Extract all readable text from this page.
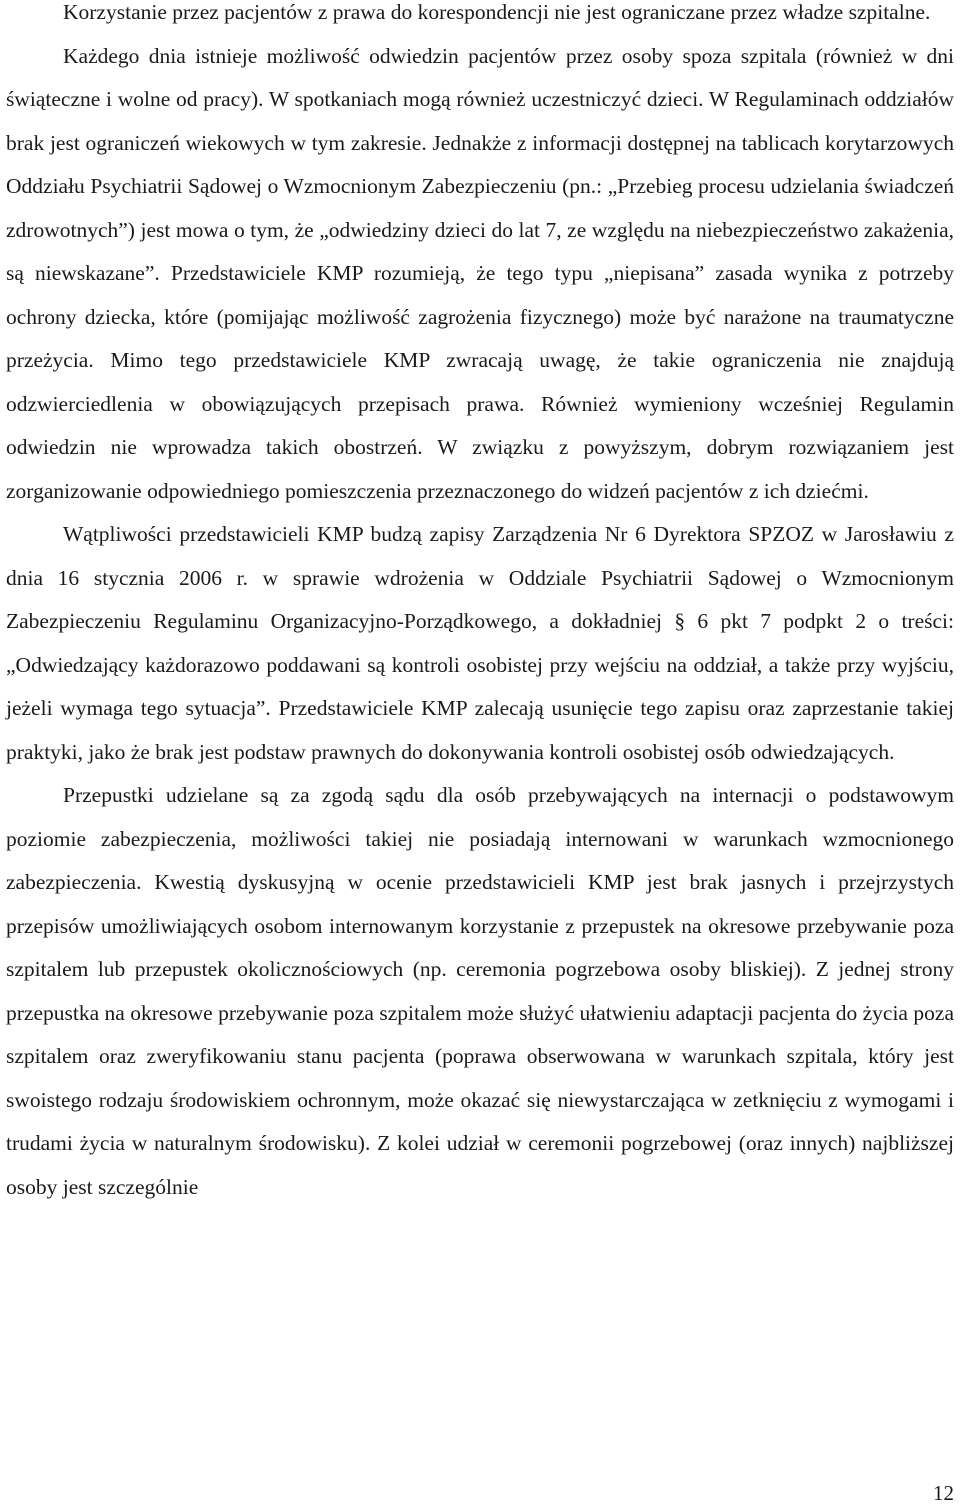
Korzystanie przez pacjentów z prawa do korespondencji nie jest ograniczane przez władze szpitalne.

Każdego dnia istnieje możliwość odwiedzin pacjentów przez osoby spoza szpitala (również w dni świąteczne i wolne od pracy). W spotkaniach mogą również uczestniczyć dzieci. W Regulaminach oddziałów brak jest ograniczeń wiekowych w tym zakresie. Jednakże z informacji dostępnej na tablicach korytarzowych Oddziału Psychiatrii Sądowej o Wzmocnionym Zabezpieczeniu (pn.: „Przebieg procesu udzielania świadczeń zdrowotnych”) jest mowa o tym, że „odwiedziny dzieci do lat 7, ze względu na niebezpieczeństwo zakażenia, są niewskazane”. Przedstawiciele KMP rozumieją, że tego typu „niepisana” zasada wynika z potrzeby ochrony dziecka, które (pomijając możliwość zagrożenia fizycznego) może być narażone na traumatyczne przeżycia. Mimo tego przedstawiciele KMP zwracają uwagę, że takie ograniczenia nie znajdują odzwierciedlenia w obowiązujących przepisach prawa. Również wymieniony wcześniej Regulamin odwiedzin nie wprowadza takich obostrzeń. W związku z powyższym, dobrym rozwiązaniem jest zorganizowanie odpowiedniego pomieszczenia przeznaczonego do widzeń pacjentów z ich dziećmi.

Wątpliwości przedstawicieli KMP budzą zapisy Zarządzenia Nr 6 Dyrektora SPZOZ w Jarosławiu z dnia 16 stycznia 2006 r. w sprawie wdrożenia w Oddziale Psychiatrii Sądowej o Wzmocnionym Zabezpieczeniu Regulaminu Organizacyjno-Porządkowego, a dokładniej § 6 pkt 7 podpkt 2 o treści: „Odwiedzający każdorazowo poddawani są kontroli osobistej przy wejściu na oddział, a także przy wyjściu, jeżeli wymaga tego sytuacja”. Przedstawiciele KMP zalecają usunięcie tego zapisu oraz zaprzestanie takiej praktyki, jako że brak jest podstaw prawnych do dokonywania kontroli osobistej osób odwiedzających.

Przepustki udzielane są za zgodą sądu dla osób przebywających na internacji o podstawowym poziomie zabezpieczenia, możliwości takiej nie posiadają internowani w warunkach wzmocnionego zabezpieczenia. Kwestią dyskusyjną w ocenie przedstawicieli KMP jest brak jasnych i przejrzystych przepisów umożliwiających osobom internowanym korzystanie z przepustek na okresowe przebywanie poza szpitalem lub przepustek okolicznościowych (np. ceremonia pogrzebowa osoby bliskiej). Z jednej strony przepustka na okresowe przebywanie poza szpitalem może służyć ułatwieniu adaptacji pacjenta do życia poza szpitalem oraz zweryfikowaniu stanu pacjenta (poprawa obserwowana w warunkach szpitala, który jest swoistego rodzaju środowiskiem ochronnym, może okazać się niewystarczająca w zetknięciu z wymogami i trudami życia w naturalnym środowisku). Z kolei udział w ceremonii pogrzebowej (oraz innych) najbliższej osoby jest szczególnie

12
